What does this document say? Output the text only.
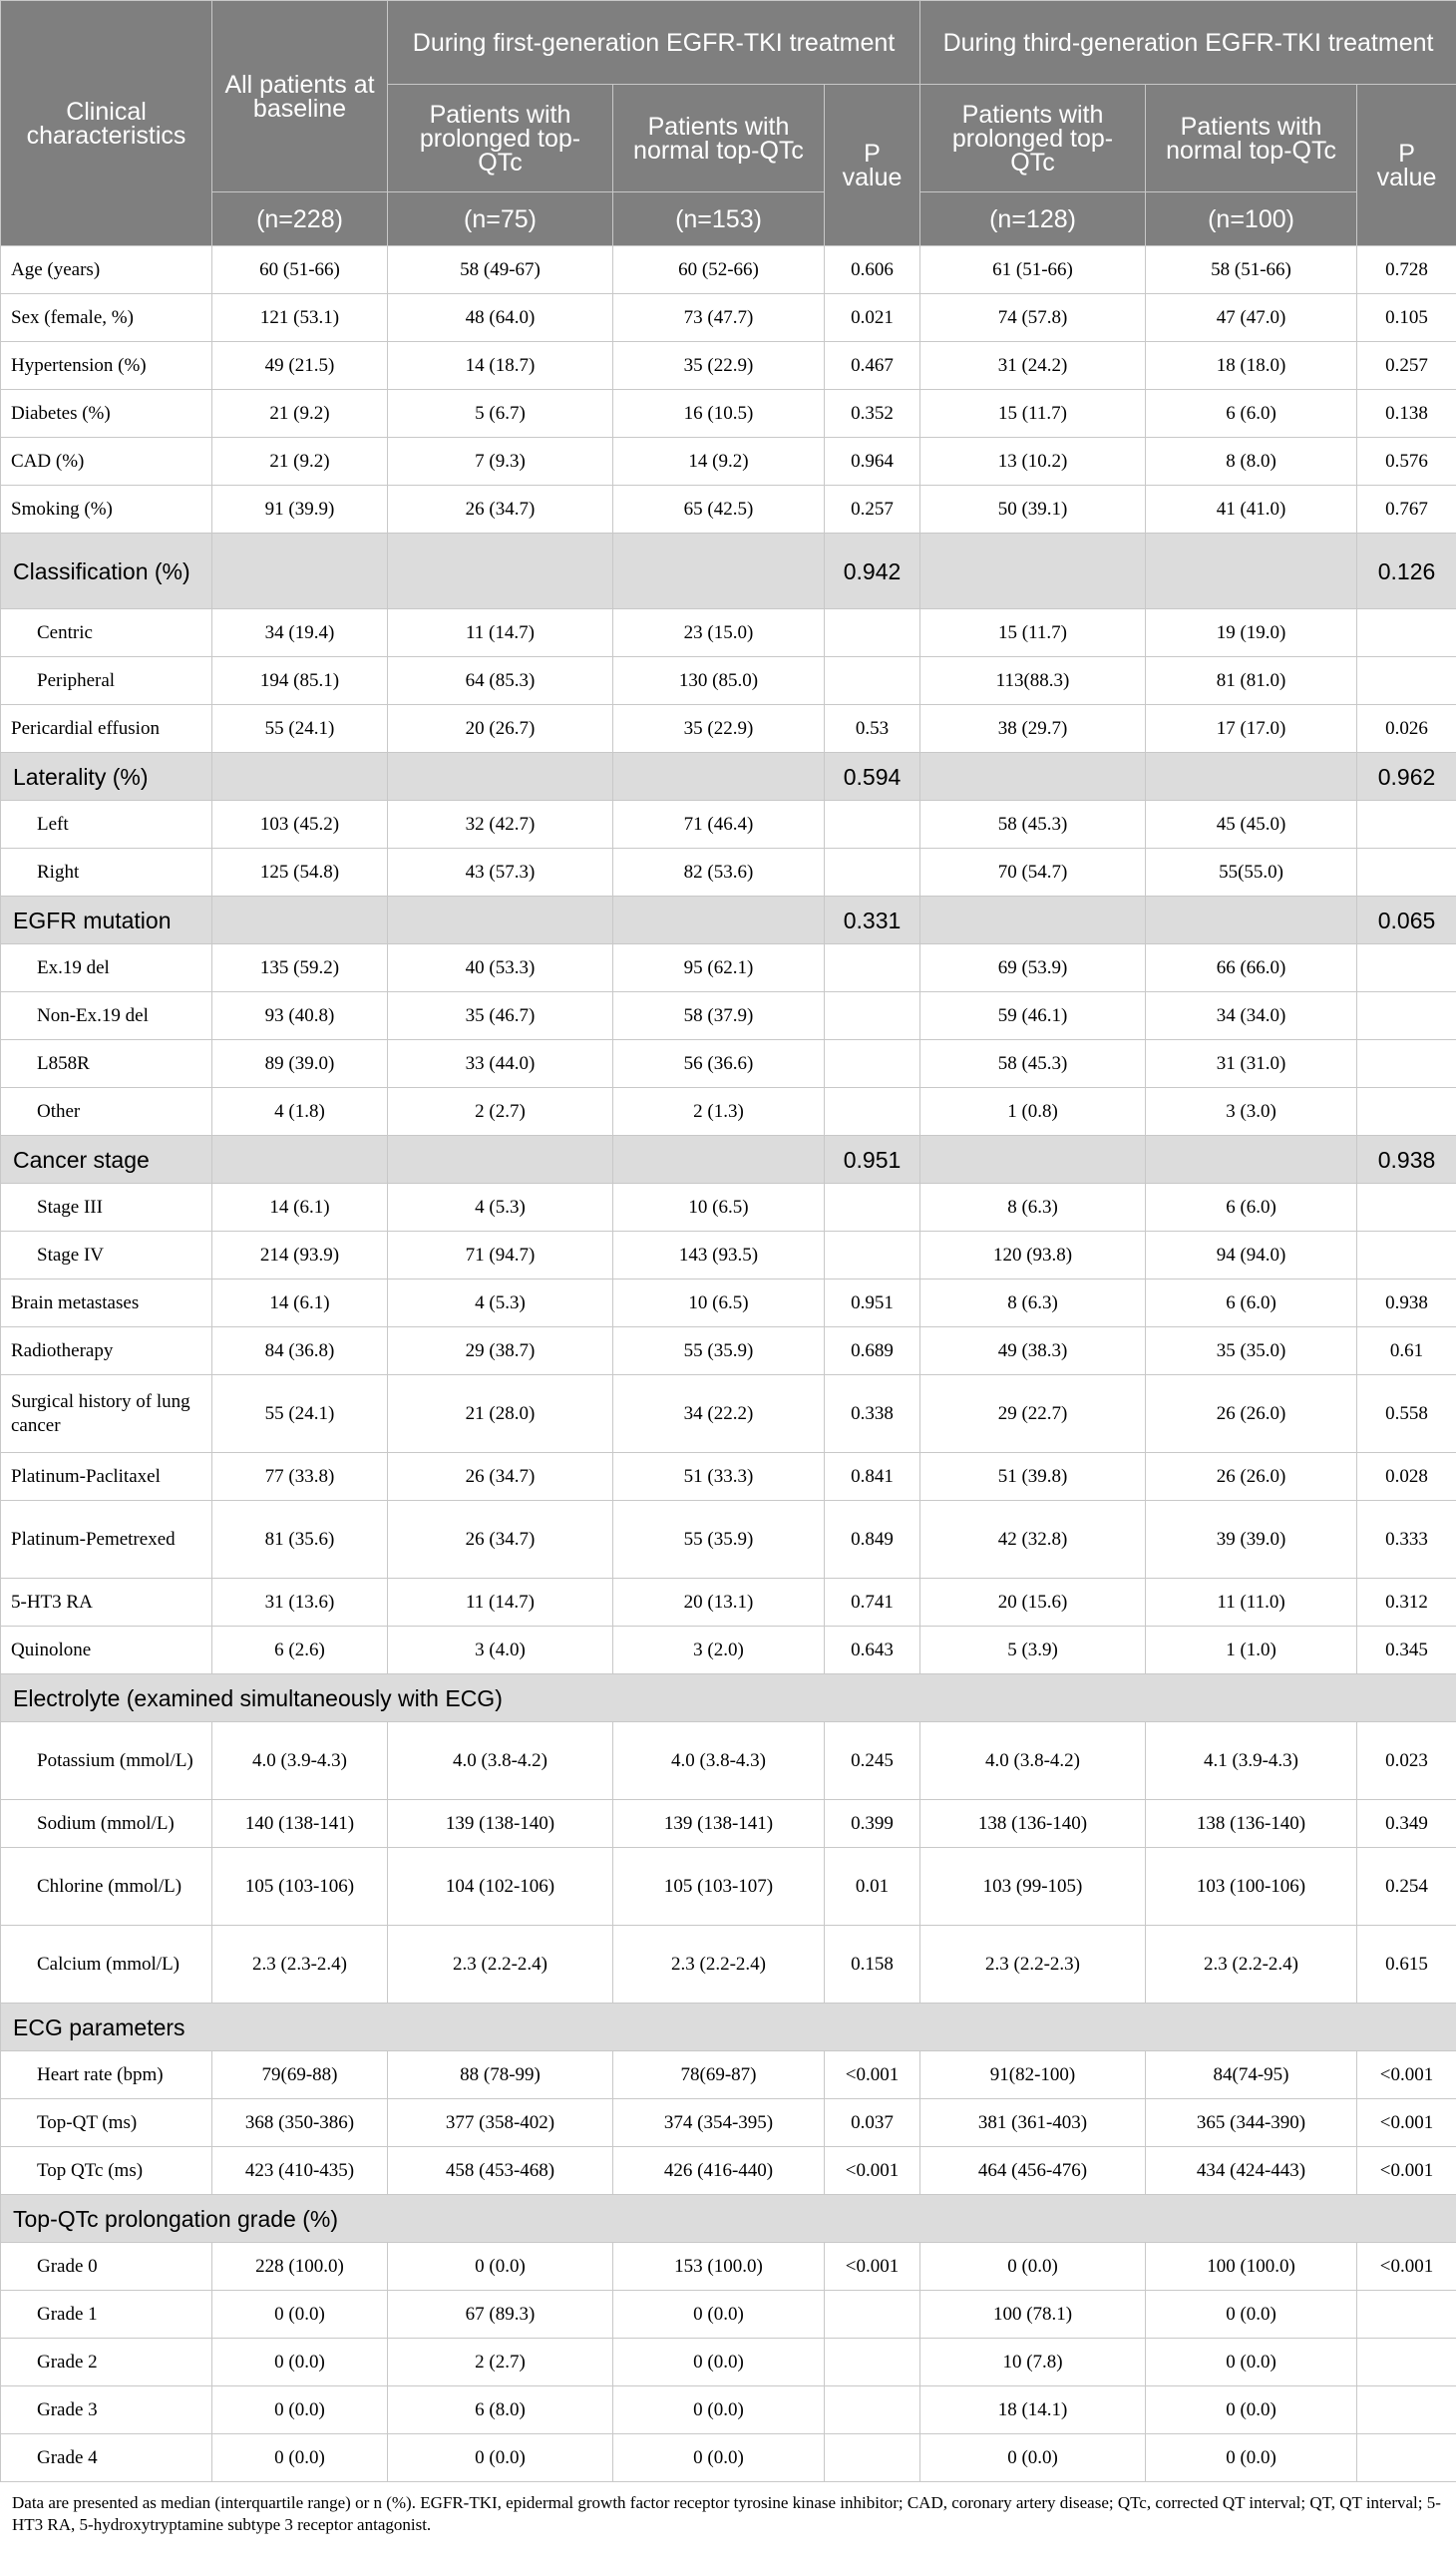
Clinical characteristics	All patients at baseline	During first-generation EGFR-TKI treatment			During third-generation EGFR-TKI treatment		
		Patients with prolonged top-QTc	Patients with normal top-QTc	P value	Patients with prolonged top-QTc	Patients with normal top-QTc	P value
	(n=228)	(n=75)	(n=153)		(n=128)	(n=100)	
Age (years)	60 (51-66)	58 (49-67)	60 (52-66)	0.606	61 (51-66)	58 (51-66)	0.728
Sex (female, %)	121 (53.1)	48 (64.0)	73 (47.7)	0.021	74 (57.8)	47 (47.0)	0.105
Hypertension (%)	49 (21.5)	14 (18.7)	35 (22.9)	0.467	31 (24.2)	18 (18.0)	0.257
Diabetes (%)	21 (9.2)	5 (6.7)	16 (10.5)	0.352	15 (11.7)	6 (6.0)	0.138
CAD (%)	21 (9.2)	7 (9.3)	14 (9.2)	0.964	13 (10.2)	8 (8.0)	0.576
Smoking (%)	91 (39.9)	26 (34.7)	65 (42.5)	0.257	50 (39.1)	41 (41.0)	0.767
Classification (%)				0.942			0.126
Centric	34 (19.4)	11 (14.7)	23 (15.0)		15 (11.7)	19 (19.0)	
Peripheral	194 (85.1)	64 (85.3)	130 (85.0)		113(88.3)	81 (81.0)	
Pericardial effusion	55 (24.1)	20 (26.7)	35 (22.9)	0.53	38 (29.7)	17 (17.0)	0.026
Laterality (%)				0.594			0.962
Left	103 (45.2)	32 (42.7)	71 (46.4)		58 (45.3)	45 (45.0)	
Right	125 (54.8)	43 (57.3)	82 (53.6)		70 (54.7)	55(55.0)	
EGFR mutation				0.331			0.065
Ex.19 del	135 (59.2)	40 (53.3)	95 (62.1)		69 (53.9)	66 (66.0)	
Non-Ex.19 del	93 (40.8)	35 (46.7)	58 (37.9)		59 (46.1)	34 (34.0)	
L858R	89 (39.0)	33 (44.0)	56 (36.6)		58 (45.3)	31 (31.0)	
Other	4 (1.8)	2 (2.7)	2 (1.3)		1 (0.8)	3 (3.0)	
Cancer stage				0.951			0.938
Stage III	14 (6.1)	4 (5.3)	10 (6.5)		8 (6.3)	6 (6.0)	
Stage IV	214 (93.9)	71 (94.7)	143 (93.5)		120 (93.8)	94 (94.0)	
Brain metastases	14 (6.1)	4 (5.3)	10 (6.5)	0.951	8 (6.3)	6 (6.0)	0.938
Radiotherapy	84 (36.8)	29 (38.7)	55 (35.9)	0.689	49 (38.3)	35 (35.0)	0.61
Surgical history of lung cancer	55 (24.1)	21 (28.0)	34 (22.2)	0.338	29 (22.7)	26 (26.0)	0.558
Platinum-Paclitaxel	77 (33.8)	26 (34.7)	51 (33.3)	0.841	51 (39.8)	26 (26.0)	0.028
Platinum-Pemetrexed	81 (35.6)	26 (34.7)	55 (35.9)	0.849	42 (32.8)	39 (39.0)	0.333
5-HT3 RA	31 (13.6)	11 (14.7)	20 (13.1)	0.741	20 (15.6)	11 (11.0)	0.312
Quinolone	6 (2.6)	3 (4.0)	3 (2.0)	0.643	5 (3.9)	1 (1.0)	0.345
Electrolyte (examined simultaneously with ECG)							
Potassium (mmol/L)	4.0 (3.9-4.3)	4.0 (3.8-4.2)	4.0 (3.8-4.3)	0.245	4.0 (3.8-4.2)	4.1 (3.9-4.3)	0.023
Sodium (mmol/L)	140 (138-141)	139 (138-140)	139 (138-141)	0.399	138 (136-140)	138 (136-140)	0.349
Chlorine (mmol/L)	105 (103-106)	104 (102-106)	105 (103-107)	0.01	103 (99-105)	103 (100-106)	0.254
Calcium (mmol/L)	2.3 (2.3-2.4)	2.3 (2.2-2.4)	2.3 (2.2-2.4)	0.158	2.3 (2.2-2.3)	2.3 (2.2-2.4)	0.615
ECG parameters							
Heart rate (bpm)	79(69-88)	88 (78-99)	78(69-87)	<0.001	91(82-100)	84(74-95)	<0.001
Top-QT (ms)	368 (350-386)	377 (358-402)	374 (354-395)	0.037	381 (361-403)	365 (344-390)	<0.001
Top QTc (ms)	423 (410-435)	458 (453-468)	426 (416-440)	<0.001	464 (456-476)	434 (424-443)	<0.001
Top-QTc prolongation grade (%)							
Grade 0	228 (100.0)	0 (0.0)	153 (100.0)	<0.001	0 (0.0)	100 (100.0)	<0.001
Grade 1	0 (0.0)	67 (89.3)	0 (0.0)		100 (78.1)	0 (0.0)	
Grade 2	0 (0.0)	2 (2.7)	0 (0.0)		10 (7.8)	0 (0.0)	
Grade 3	0 (0.0)	6 (8.0)	0 (0.0)		18 (14.1)	0 (0.0)	
Grade 4	0 (0.0)	0 (0.0)	0 (0.0)		0 (0.0)	0 (0.0)	
Data are presented as median (interquartile range) or n (%). EGFR-TKI, epidermal growth factor receptor tyrosine kinase inhibitor; CAD, coronary artery disease; QTc, corrected QT interval; QT, QT interval; 5-HT3 RA, 5-hydroxytryptamine subtype 3 receptor antagonist.
